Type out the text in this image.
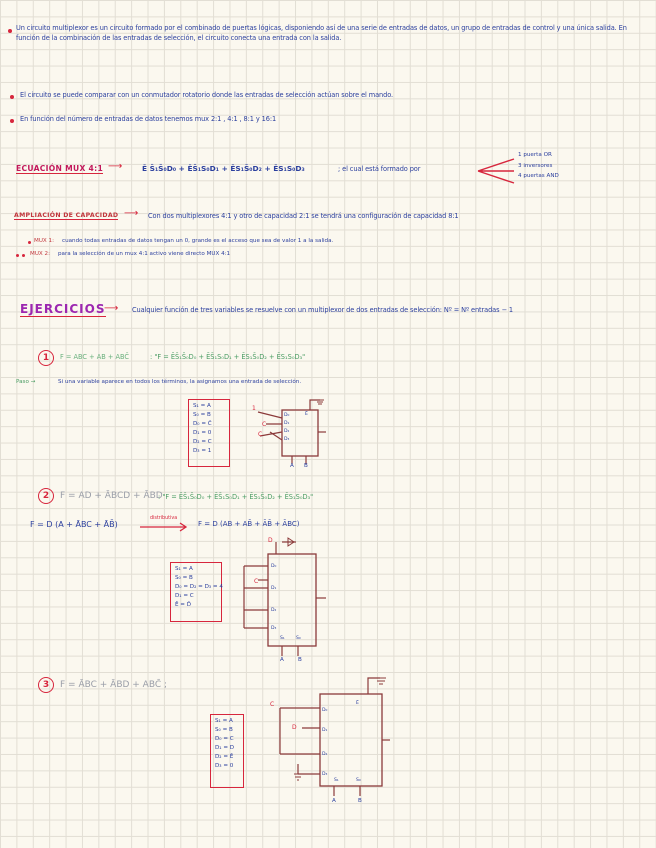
Un circuito multiplexor es un circuito formado por el combinado de puertas lógicas, disponiendo así de una serie de entradas de datos, un grupo de entradas de control y una única salida. En función de la combinación de las entradas de selección, el circuito conecta una entrada con la salida.
El circuito se puede comparar con un conmutador rotatorio donde las entradas de selección actúan sobre el mando.
En función del número de entradas de datos tenemos mux 2:1 , 4:1 , 8:1 y 16:1
ECUACIÓN MUX 4:1 ⟶	Ē S̄₁S̄₀D₀ + ĒS̄₁S₀D₁ + ĒS₁S̄₀D₂ + ĒS₁S₀D₃	; el cual está formado por
1 puerta OR
3 inversores
4 puertas AND
AMPLIACIÓN DE CAPACIDAD ⟶ Con dos multiplexores 4:1 y otro de capacidad 2:1 se tendrá una configuración de capacidad 8:1
MUX 1: cuando todas entradas de datos tengan un 0, grande es el acceso que sea de valor 1 a la salida.
MUX 2: para la selección de un mux 4:1 activo viene directo MUX 4:1
EJERCICIOS
⟶ Cualquier función de tres variables se resuelve con un multiplexor de dos entradas de selección: Nº = Nº entradas − 1
1	F = ABC + AB + ABC̄	: "F = ĒS̄₁S̄₀D₀ + ĒS̄₁S₀D₁ + ĒS₁S̄₀D₂ + ĒS₁S₀D₃"
Paso →	Si una variable aparece en todos los términos, la asignamos una entrada de selección.
S₁ = A
S₀ = B
D₀ = C̄
D₁ = 0
D₂ = C
D₃ = 1
1
C
C
D₀
D₁
D₂
D₃
Ē
A B
2	F = AD + ĀBCD + ĀBD
: "F = ĒS̄₁S̄₀D₀ + ĒS̄₁S₀D₁ + ĒS₁S̄₀D₂ + ĒS₁S₀D₃"
F = D (A + ĀBC + ĀB̄)
distributiva
F = D (AB + AB̄ + ĀB̄ + ĀBC)
S₁ = A
S₀ = B
D₀ = D₂ = D₃ = 4
D₁ = C
Ē = D̄
D
C
D₀
D₁
D₂
D₃
S₁ S₀
A	B
3	F = ĀBC + ĀBD + ABC̄ ;
S₁ = A
S₀ = B
D₀ = C
D₁ = D
D₂ = Ē
D₃ = 0
C
D
D₀
D₁
D₂
D₃
Ē
S₁	S₀
A	B
